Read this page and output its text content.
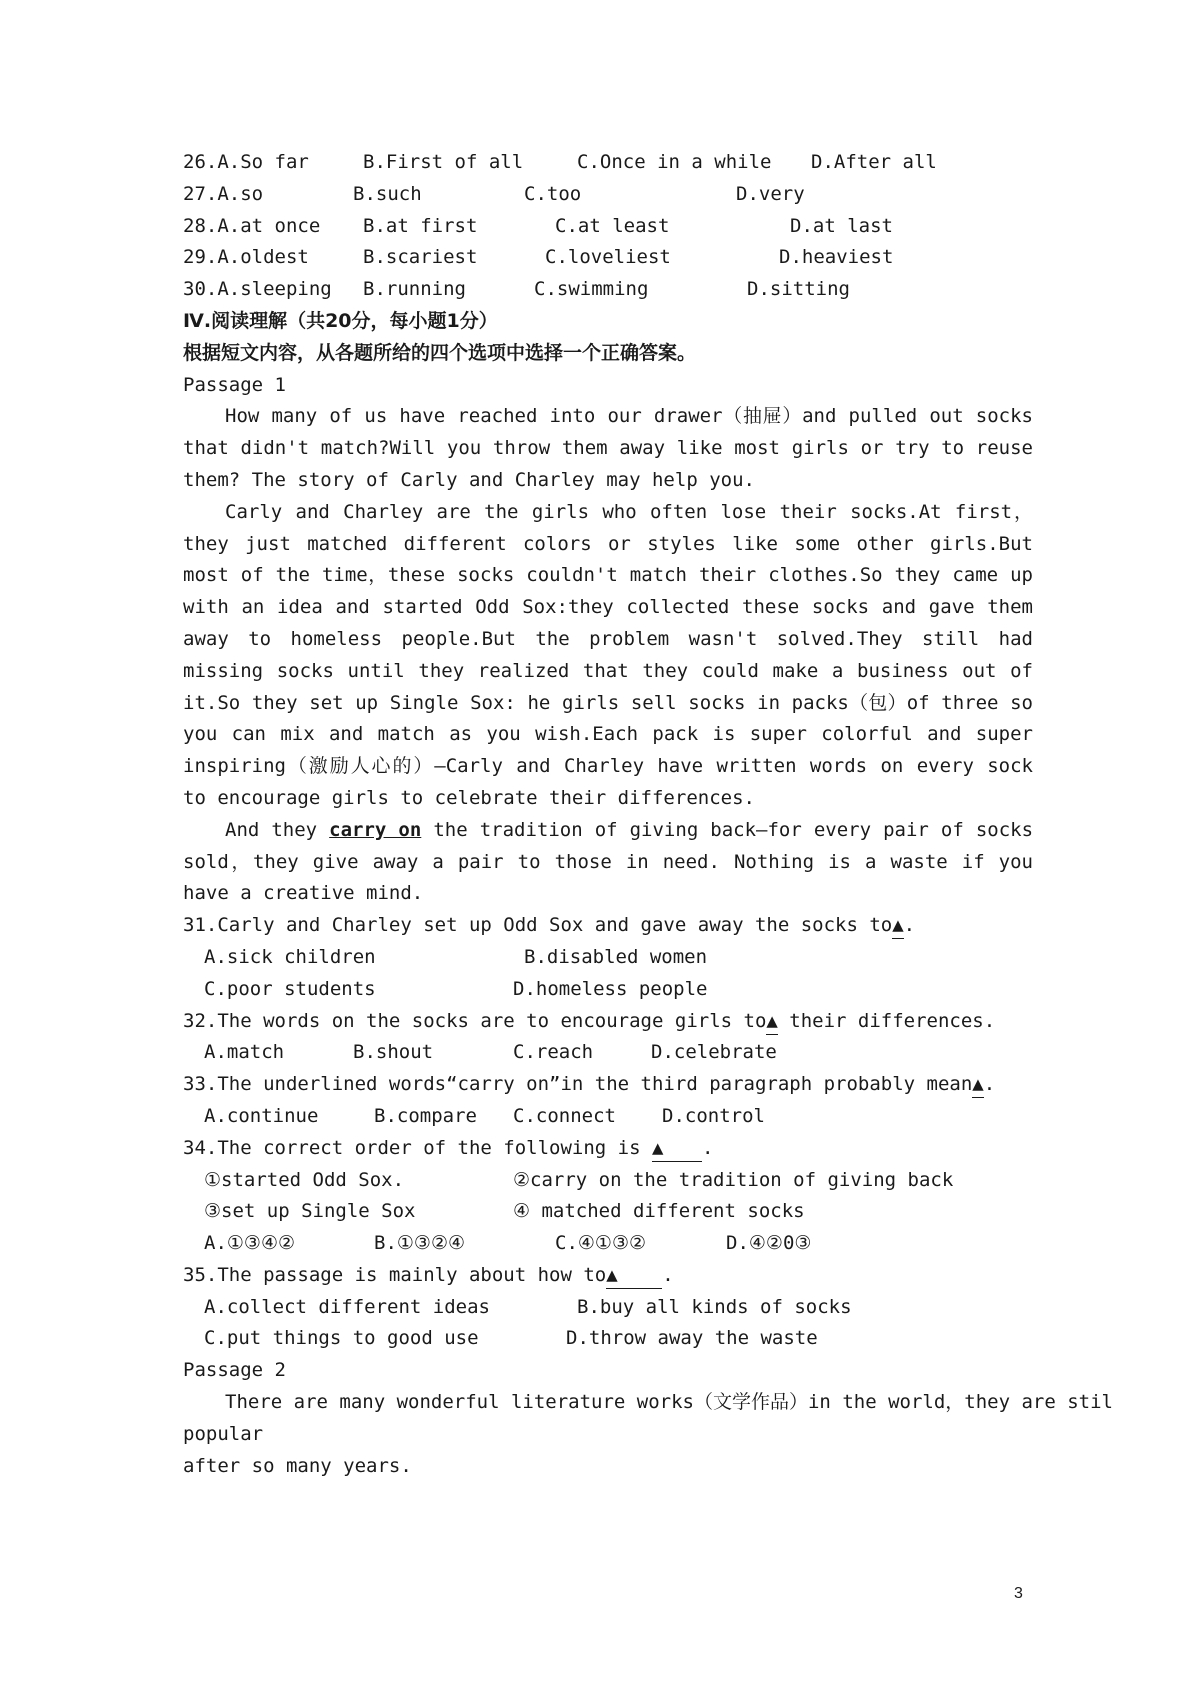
26.A.So far	B.First of all	C.Once in a while D.After all
27.A.so	B.such	C.too	D.very
28.A.at once B.at first	C.at least	D.at last
29.A.oldest	B.scariest	C.loveliest	D.heaviest
30.A.sleeping B.running	C.swimming	D.sitting
Ⅳ.阅读理解（共20分，每小题1分）
根据短文内容，从各题所给的四个选项中选择一个正确答案。
Passage 1
How many of us have reached into our drawer（抽屉）and pulled out socks that didn't match?Will you throw them away like most girls or try to reuse them? The story of Carly and Charley may help you.
Carly and Charley are the girls who often lose their socks.At first，they just matched different colors or styles like some other girls.But most of the time，these socks couldn't match their clothes.So they came up with an idea and started Odd Sox:they collected these socks and gave them away to homeless people.But the problem wasn't solved.They still had missing socks until they realized that they could make a business out of it.So they set up Single Sox: he girls sell socks in packs（包）of three so you can mix and match as you wish.Each pack is super colorful and super inspiring（激励人心的）—Carly and Charley have written words on every sock to encourage girls to celebrate their differences.
And they carry on the tradition of giving back—for every pair of socks sold，they give away a pair to those in need. Nothing is a waste if you have a creative mind.
31.Carly and Charley set up Odd Sox and gave away the socks to▲.
A.sick children	B.disabled women
C.poor students	D.homeless people
32.The words on the socks are to encourage girls to▲ their differences.
A.match	B.shout	C.reach	D.celebrate
33.The underlined words“carry on”in the third paragraph probably mean▲.
A.continue	B.compare C.connect D.control
34.The correct order of the following is ▲ .
①started Odd Sox.	②carry on the tradition of giving back
③set up Single Sox	④ matched different socks
A.①③④②	B.①③②④	C.④①③②	D.④②0③
35.The passage is mainly about how to▲ .
A.collect different ideas	B.buy all kinds of socks
C.put things to good use	D.throw away the waste
Passage 2
There are many wonderful literature works（文学作品）in the world，they are stil
popular
after so many years.
3
